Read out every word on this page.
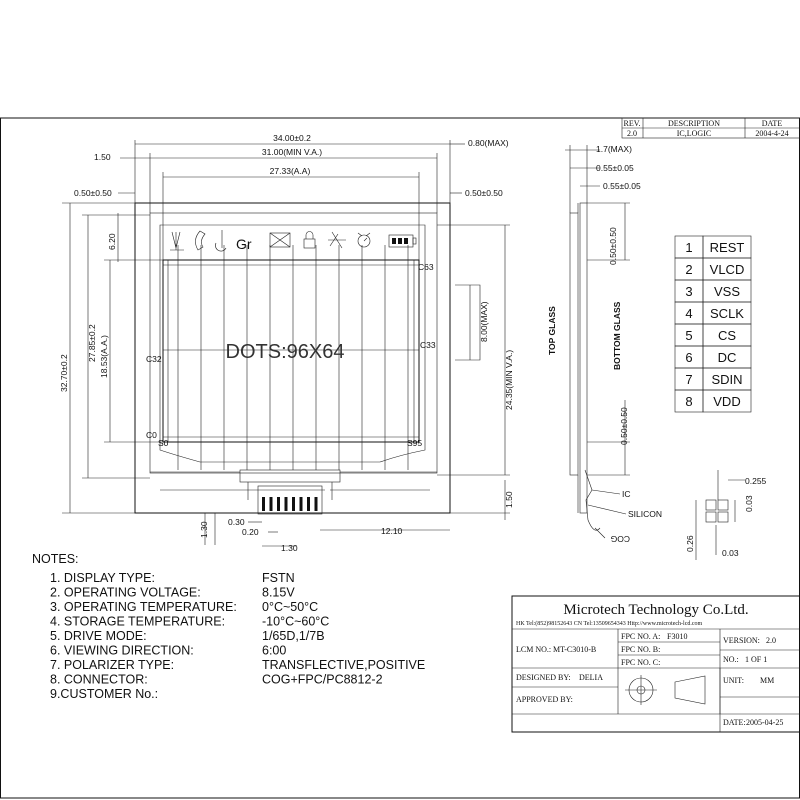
REV.	DESCRIPTION	DATE
2.0	IC,LOGIC	2004-4-24
Gr
DOTS:96X64
C63
C33
C32
C0
S0	S95
34.00±0.2
31.00(MIN V.A.)
27.33(A.A)
1.50
0.50±0.50	0.50±0.50
0.80(MAX)
32.70±0.2
27.85±0.2 18.53(A.A.)
6.20
8.00(MAX)
24.35(MIN V.A.)
1.50
1.30 0.30
0.20
1.30
12.10
1.7(MAX)
0.55±0.05
0.55±0.05
0.50±0.50
0.50±0.50
TOP GLASS	BOTTOM GLASS
IC
SILICON
COG
0.255
0.03
0.26
0.03
1 REST
2 VLCD
3 VSS
4 SCLK
5 CS
6 DC
7 SDIN
8 VDD
NOTES:
1. DISPLAY TYPE:	FSTN
2. OPERATING VOLTAGE:	8.15V
3. OPERATING TEMPERATURE: 0°C~50°C
4. STORAGE TEMPERATURE:	-10°C~60°C
5. DRIVE MODE:	1/65D,1/7B
6. VIEWING DIRECTION:	6:00
7. POLARIZER TYPE:	TRANSFLECTIVE,POSITIVE
8. CONNECTOR:	COG+FPC/PC8812-2
9.CUSTOMER No.:
Microtech Technology Co.Ltd.
HK Tel:(852)98152643 CN Tel:13509654343 Http://www.microtech-lcd.com
LCM NO.: MT-C3010-B
FPC NO. A: F3010
FPC NO. B:
FPC NO. C:
VERSION: 2.0
NO.: 1 OF 1
DESIGNED BY: DELIA	UNIT: MM
APPROVED BY:
DATE: 2005-04-25
